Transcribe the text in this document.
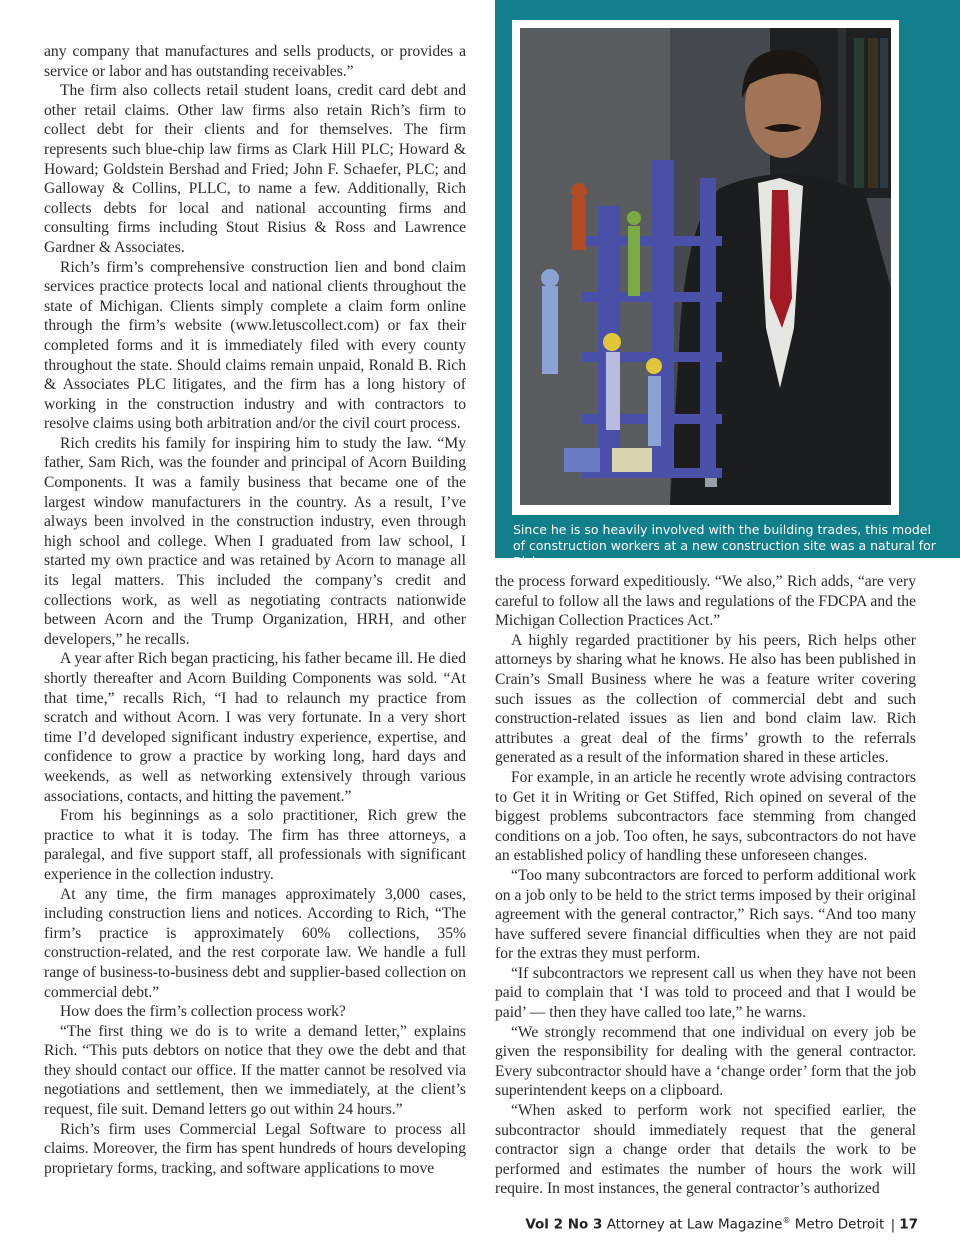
any company that manufactures and sells products, or provides a service or labor and has outstanding receivables.”

The firm also collects retail student loans, credit card debt and other retail claims. Other law firms also retain Rich’s firm to collect debt for their clients and for themselves. The firm represents such blue-chip law firms as Clark Hill PLC; Howard & Howard; Goldstein Bershad and Fried; John F. Schaefer, PLC; and Galloway & Collins, PLLC, to name a few. Additionally, Rich collects debts for local and national accounting firms and consulting firms including Stout Risius & Ross and Lawrence Gardner & Associates.

Rich’s firm’s comprehensive construction lien and bond claim services practice protects local and national clients throughout the state of Michigan. Clients simply complete a claim form online through the firm’s website (www.letuscollect.com) or fax their completed forms and it is immediately filed with every county throughout the state. Should claims remain unpaid, Ronald B. Rich & Associates PLC litigates, and the firm has a long history of working in the construction industry and with contractors to resolve claims using both arbitration and/or the civil court process.

Rich credits his family for inspiring him to study the law. “My father, Sam Rich, was the founder and principal of Acorn Building Components. It was a family business that became one of the largest window manufacturers in the country. As a result, I’ve always been involved in the construction industry, even through high school and college. When I graduated from law school, I started my own practice and was retained by Acorn to manage all its legal matters. This included the company’s credit and collections work, as well as negotiating contracts nationwide between Acorn and the Trump Organization, HRH, and other developers,” he recalls.

A year after Rich began practicing, his father became ill. He died shortly thereafter and Acorn Building Components was sold. “At that time,” recalls Rich, “I had to relaunch my practice from scratch and without Acorn. I was very fortunate. In a very short time I’d developed significant industry experience, expertise, and confidence to grow a practice by working long, hard days and weekends, as well as networking extensively through various associations, contacts, and hitting the pavement.”

From his beginnings as a solo practitioner, Rich grew the practice to what it is today. The firm has three attorneys, a paralegal, and five support staff, all professionals with significant experience in the collection industry.

At any time, the firm manages approximately 3,000 cases, including construction liens and notices. According to Rich, “The firm’s practice is approximately 60% collections, 35% construction-related, and the rest corporate law. We handle a full range of business-to-business debt and supplier-based collection on commercial debt.”

How does the firm’s collection process work?

“The first thing we do is to write a demand letter,” explains Rich. “This puts debtors on notice that they owe the debt and that they should contact our office. If the matter cannot be resolved via negotiations and settlement, then we immediately, at the client’s request, file suit. Demand letters go out within 24 hours.”

Rich’s firm uses Commercial Legal Software to process all claims. Moreover, the firm has spent hundreds of hours developing proprietary forms, tracking, and software applications to move

Since he is so heavily involved with the building trades, this model of construction workers at a new construction site was a natural for Rich.

the process forward expeditiously. “We also,” Rich adds, “are very careful to follow all the laws and regulations of the FDCPA and the Michigan Collection Practices Act.”

A highly regarded practitioner by his peers, Rich helps other attorneys by sharing what he knows. He also has been published in Crain’s Small Business where he was a feature writer covering such issues as the collection of commercial debt and such construction-related issues as lien and bond claim law. Rich attributes a great deal of the firms’ growth to the referrals generated as a result of the information shared in these articles.

For example, in an article he recently wrote advising contractors to Get it in Writing or Get Stiffed, Rich opined on several of the biggest problems subcontractors face stemming from changed conditions on a job. Too often, he says, subcontractors do not have an established policy of handling these unforeseen changes.

“Too many subcontractors are forced to perform additional work on a job only to be held to the strict terms imposed by their original agreement with the general contractor,” Rich says. “And too many have suffered severe financial difficulties when they are not paid for the extras they must perform.

“If subcontractors we represent call us when they have not been paid to complain that ‘I was told to proceed and that I would be paid’ — then they have called too late,” he warns.

“We strongly recommend that one individual on every job be given the responsibility for dealing with the general contractor. Every subcontractor should have a ‘change order’ form that the job superintendent keeps on a clipboard.

“When asked to perform work not specified earlier, the subcontractor should immediately request that the general contractor sign a change order that details the work to be performed and estimates the number of hours the work will require. In most instances, the general contractor’s authorized

Vol 2 No 3 Attorney at Law Magazine® Metro Detroit | 17
